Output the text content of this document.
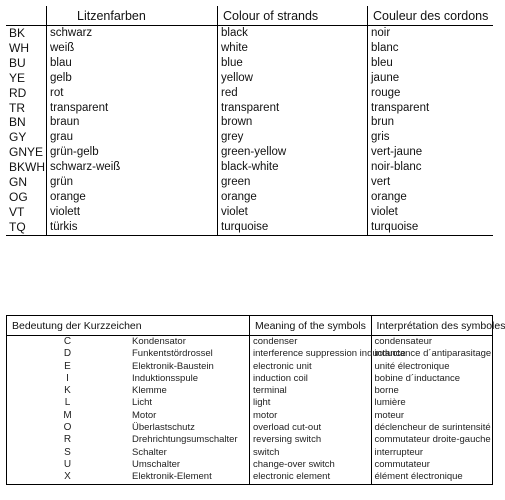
	Litzenfarben	Colour of strands	Couleur des cordons
BK	schwarz	black	noir
WH	weiß	white	blanc
BU	blau	blue	bleu
YE	gelb	yellow	jaune
RD	rot	red	rouge
TR	transparent	transparent	transparent
BN	braun	brown	brun
GY	grau	grey	gris
GNYE	grün-gelb	green-yellow	vert-jaune
BKWH	schwarz-weiß	black-white	noir-blanc
GN	grün	green	vert
OG	orange	orange	orange
VT	violett	violet	violet
TQ	türkis	turquoise	turquoise
Bedeutung der Kurzzeichen		Meaning of the symbols	Interprétation des symboles
C	Kondensator	condenser	condensateur
D	Funkentstördrossel	interference suppression inductance	inductance d´antiparasitage
E	Elektronik-Baustein	electronic unit	unité électronique
I	Induktionsspule	induction coil	bobine d´inductance
K	Klemme	terminal	borne
L	Licht	light	lumière
M	Motor	motor	moteur
O	Überlastschutz	overload cut-out	déclencheur de surintensité
R	Drehrichtungsumschalter	reversing switch	commutateur droite-gauche
S	Schalter	switch	interrupteur
U	Umschalter	change-over switch	commutateur
X	Elektronik-Element	electronic element	élément électronique
